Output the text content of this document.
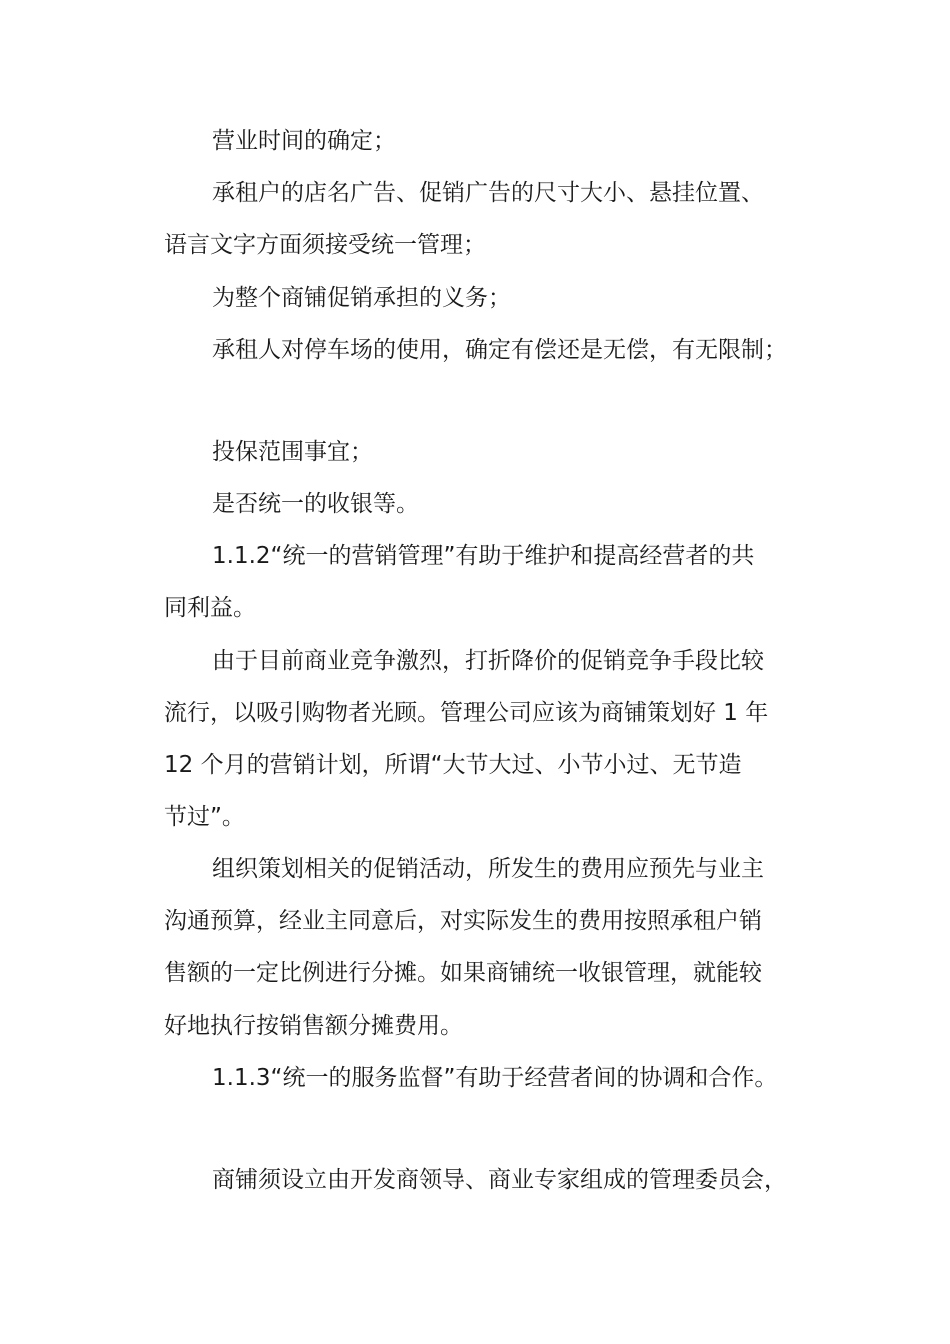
营业时间的确定；

承租户的店名广告、促销广告的尺寸大小、悬挂位置、

语言文字方面须接受统一管理；

为整个商铺促销承担的义务；

承租人对停车场的使用，确定有偿还是无偿，有无限制；

投保范围事宜；

是否统一的收银等。

1.1.2“统一的营销管理”有助于维护和提高经营者的共

同利益。

由于目前商业竞争激烈，打折降价的促销竞争手段比较

流行，以吸引购物者光顾。管理公司应该为商铺策划好 1 年

12 个月的营销计划，所谓“大节大过、小节小过、无节造

节过”。

组织策划相关的促销活动，所发生的费用应预先与业主

沟通预算，经业主同意后，对实际发生的费用按照承租户销

售额的一定比例进行分摊。如果商铺统一收银管理，就能较

好地执行按销售额分摊费用。

1.1.3“统一的服务监督”有助于经营者间的协调和合作。

商铺须设立由开发商领导、商业专家组成的管理委员会，
